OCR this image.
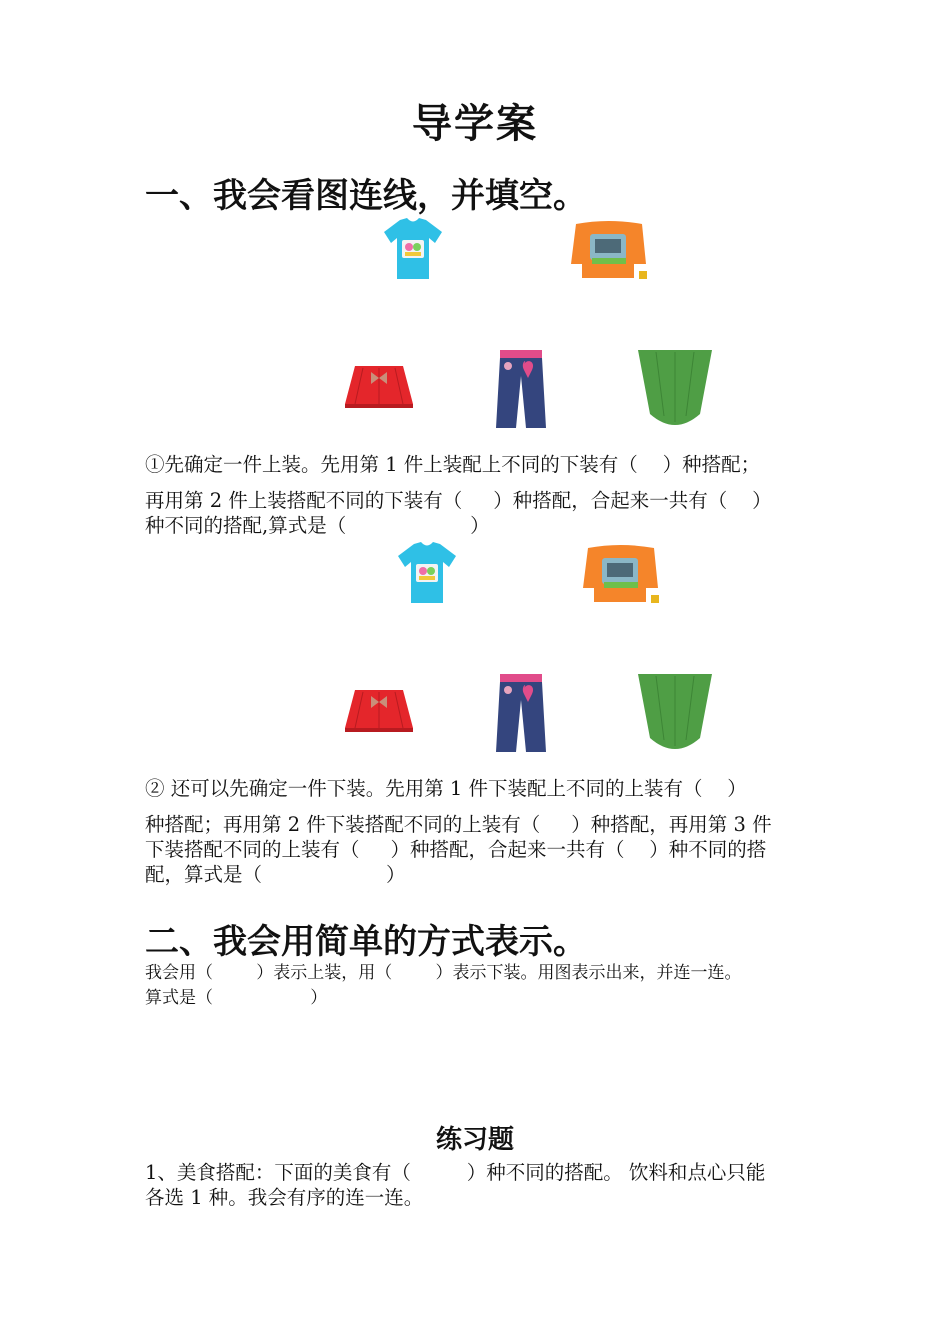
导学案
一、我会看图连线，并填空。
①先确定一件上装。先用第 1 件上装配上不同的下装有（    ）种搭配；
再用第 2 件上装搭配不同的下装有（     ）种搭配，合起来一共有（    ）
种不同的搭配,算式是（                    ）
② 还可以先确定一件下装。先用第 1 件下装配上不同的上装有（    ）
种搭配；再用第 2 件下装搭配不同的上装有（     ）种搭配，再用第 3 件
下装搭配不同的上装有（     ）种搭配，合起来一共有（    ）种不同的搭
配，算式是（                    ）
二、我会用简单的方式表示。
我会用（        ）表示上装，用（        ）表示下装。用图表示出来，并连一连。
算式是（                  ）
练习题
1、美食搭配：下面的美食有（         ）种不同的搭配。 饮料和点心只能
各选 1 种。我会有序的连一连。
